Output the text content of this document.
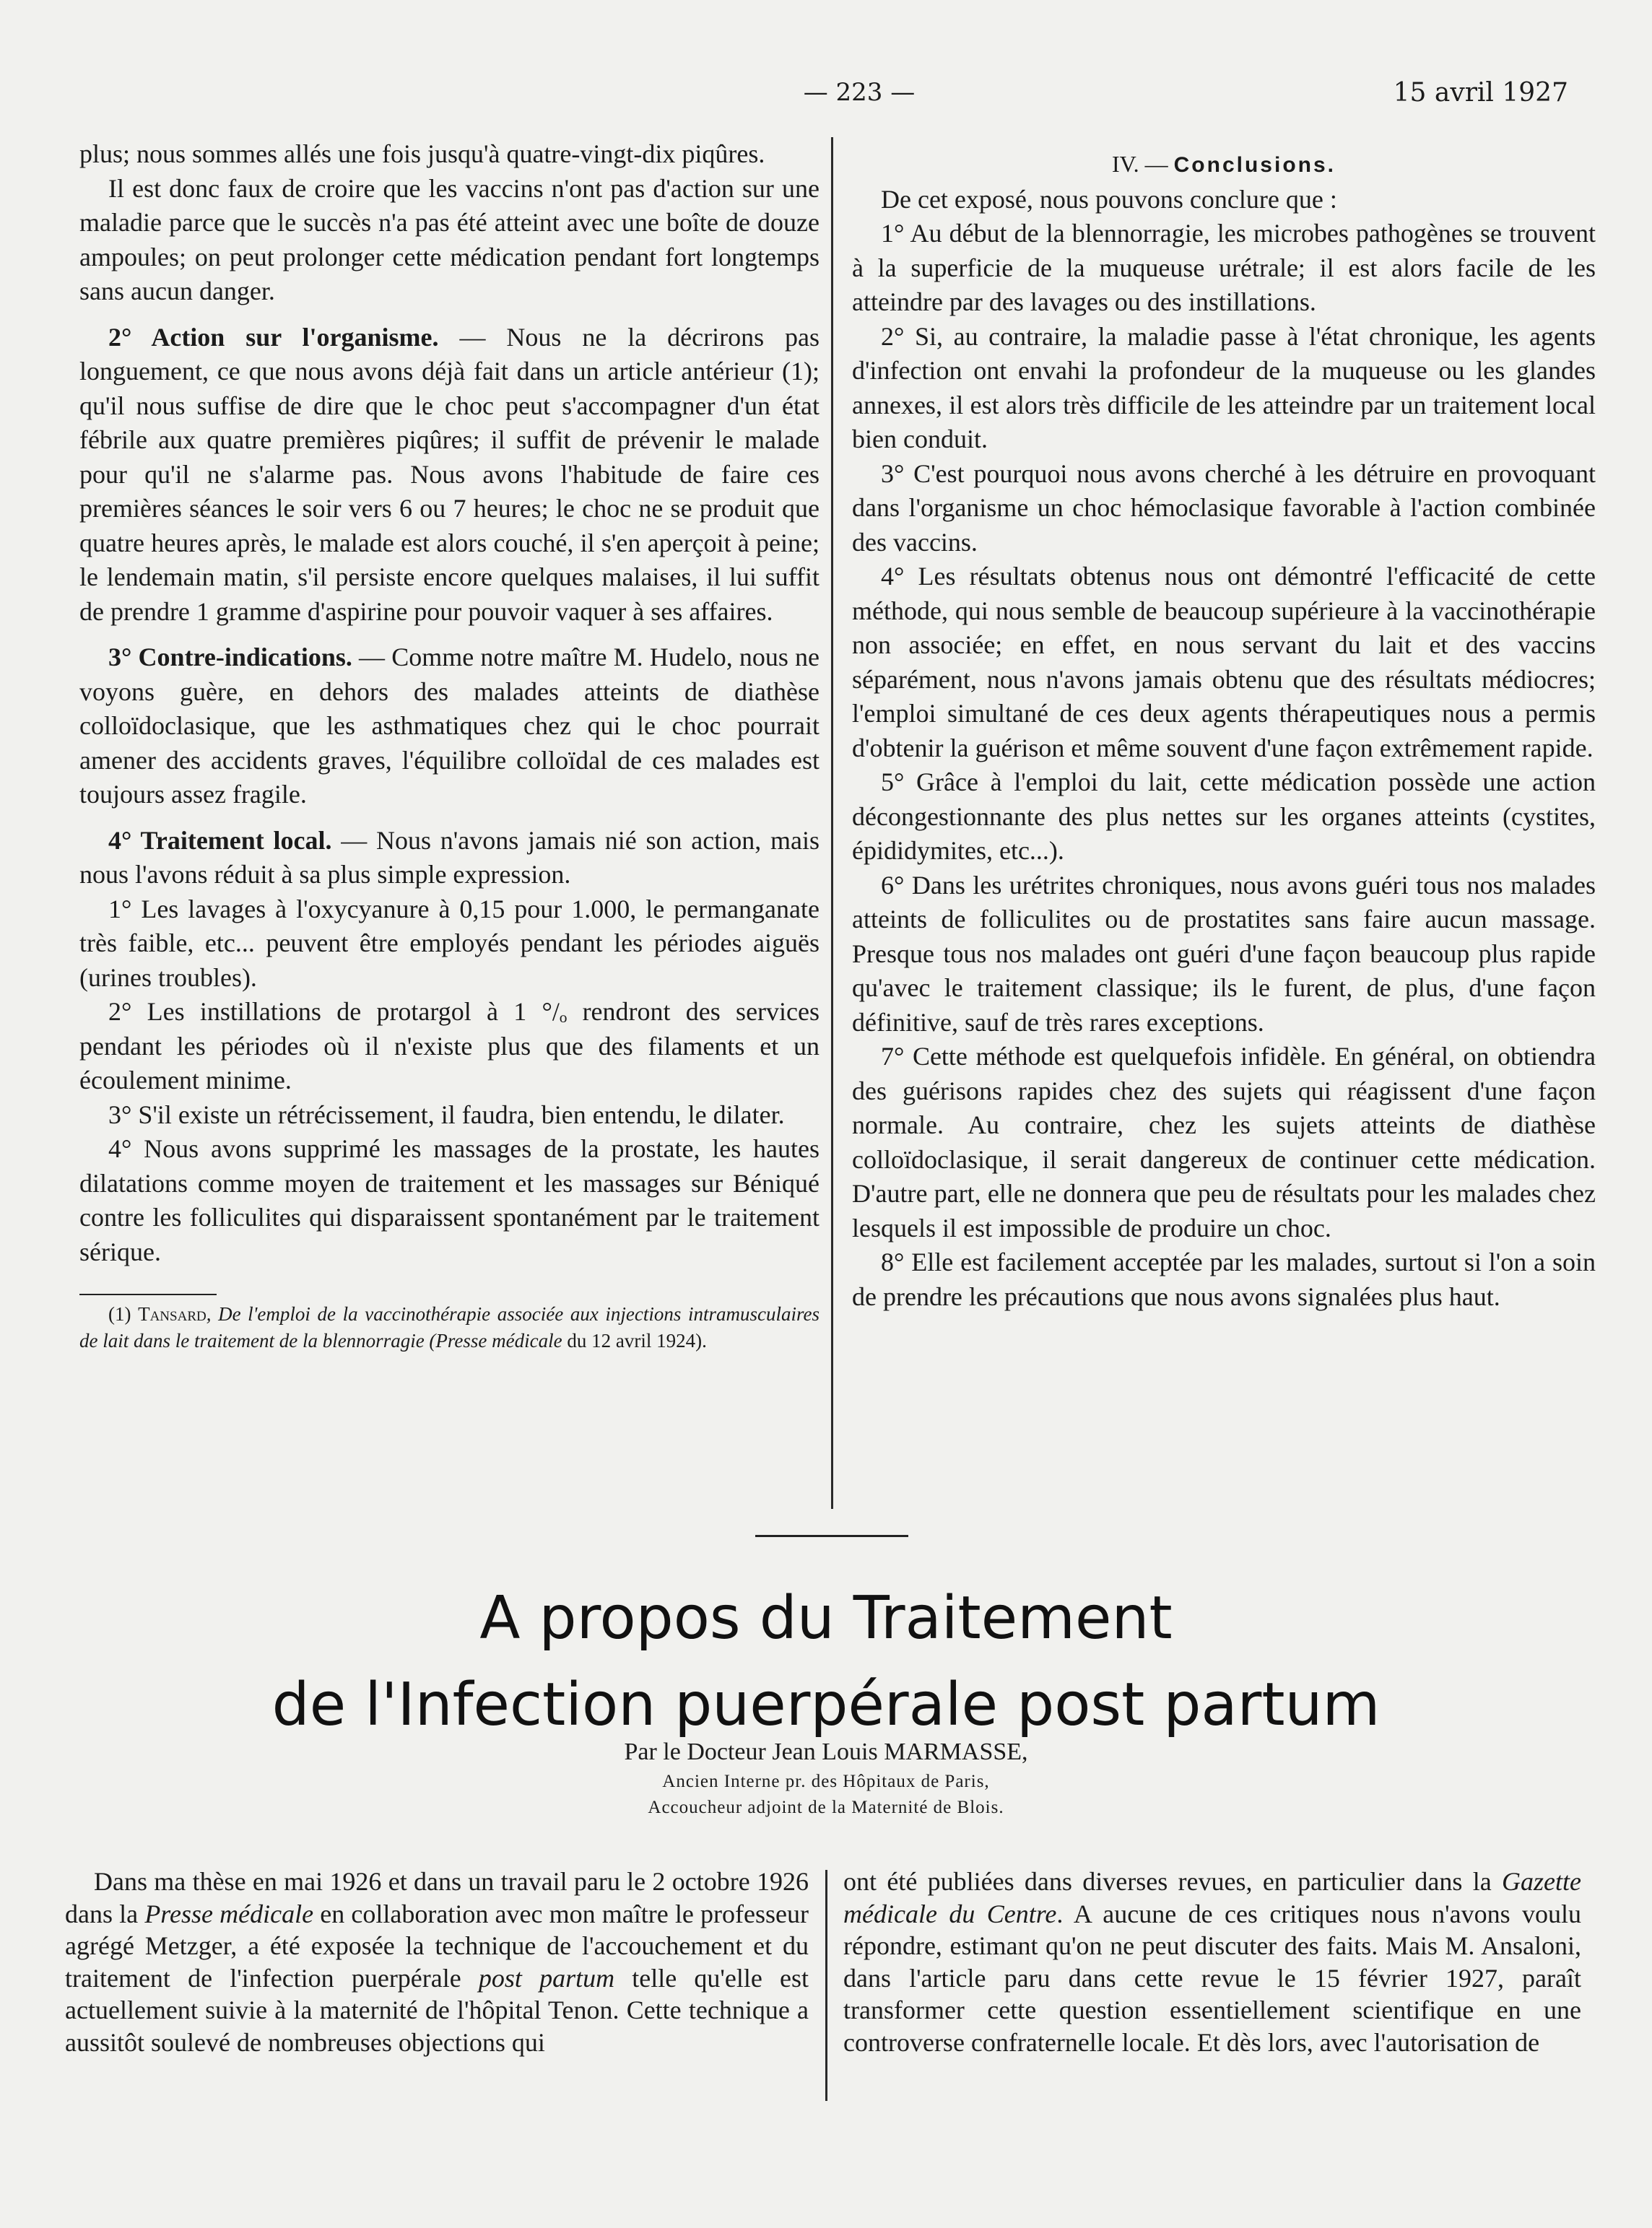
— 223 —	15 avril 1927

plus; nous sommes allés une fois jusqu'à quatre-vingt-dix piqûres.

Il est donc faux de croire que les vaccins n'ont pas d'action sur une maladie parce que le succès n'a pas été atteint avec une boîte de douze ampoules; on peut prolonger cette médication pendant fort longtemps sans aucun danger.

2° Action sur l'organisme. — Nous ne la décrirons pas longuement, ce que nous avons déjà fait dans un article antérieur (1); qu'il nous suffise de dire que le choc peut s'accompagner d'un état fébrile aux quatre premières piqûres; il suffit de prévenir le malade pour qu'il ne s'alarme pas. Nous avons l'habitude de faire ces premières séances le soir vers 6 ou 7 heures; le choc ne se produit que quatre heures après, le malade est alors couché, il s'en aperçoit à peine; le lendemain matin, s'il persiste encore quelques malaises, il lui suffit de prendre 1 gramme d'aspirine pour pouvoir vaquer à ses affaires.

3° Contre-indications. — Comme notre maître M. Hudelo, nous ne voyons guère, en dehors des malades atteints de diathèse colloïdoclasique, que les asthmatiques chez qui le choc pourrait amener des accidents graves, l'équilibre colloïdal de ces malades est toujours assez fragile.

4° Traitement local. — Nous n'avons jamais nié son action, mais nous l'avons réduit à sa plus simple expression.

1° Les lavages à l'oxycyanure à 0,15 pour 1.000, le permanganate très faible, etc... peuvent être employés pendant les périodes aiguës (urines troubles).

2° Les instillations de protargol à 1 °/ₒ rendront des services pendant les périodes où il n'existe plus que des filaments et un écoulement minime.

3° S'il existe un rétrécissement, il faudra, bien entendu, le dilater.

4° Nous avons supprimé les massages de la prostate, les hautes dilatations comme moyen de traitement et les massages sur Béniqué contre les folliculites qui disparaissent spontanément par le traitement sérique.

(1) Tansard, De l'emploi de la vaccinothérapie associée aux injections intramusculaires de lait dans le traitement de la blennorragie (Presse médicale du 12 avril 1924).

IV. — Conclusions.

De cet exposé, nous pouvons conclure que :

1° Au début de la blennorragie, les microbes pathogènes se trouvent à la superficie de la muqueuse urétrale; il est alors facile de les atteindre par des lavages ou des instillations.

2° Si, au contraire, la maladie passe à l'état chronique, les agents d'infection ont envahi la profondeur de la muqueuse ou les glandes annexes, il est alors très difficile de les atteindre par un traitement local bien conduit.

3° C'est pourquoi nous avons cherché à les détruire en provoquant dans l'organisme un choc hémoclasique favorable à l'action combinée des vaccins.

4° Les résultats obtenus nous ont démontré l'efficacité de cette méthode, qui nous semble de beaucoup supérieure à la vaccinothérapie non associée; en effet, en nous servant du lait et des vaccins séparément, nous n'avons jamais obtenu que des résultats médiocres; l'emploi simultané de ces deux agents thérapeutiques nous a permis d'obtenir la guérison et même souvent d'une façon extrêmement rapide.

5° Grâce à l'emploi du lait, cette médication possède une action décongestionnante des plus nettes sur les organes atteints (cystites, épididymites, etc...).

6° Dans les urétrites chroniques, nous avons guéri tous nos malades atteints de folliculites ou de prostatites sans faire aucun massage. Presque tous nos malades ont guéri d'une façon beaucoup plus rapide qu'avec le traitement classique; ils le furent, de plus, d'une façon définitive, sauf de très rares exceptions.

7° Cette méthode est quelquefois infidèle. En général, on obtiendra des guérisons rapides chez des sujets qui réagissent d'une façon normale. Au contraire, chez les sujets atteints de diathèse colloïdoclasique, il serait dangereux de continuer cette médication. D'autre part, elle ne donnera que peu de résultats pour les malades chez lesquels il est impossible de produire un choc.

8° Elle est facilement acceptée par les malades, surtout si l'on a soin de prendre les précautions que nous avons signalées plus haut.

A propos du Traitement
de l'Infection puerpérale post partum
Par le Docteur Jean Louis MARMASSE,
Ancien Interne pr. des Hôpitaux de Paris,
Accoucheur adjoint de la Maternité de Blois.

Dans ma thèse en mai 1926 et dans un travail paru le 2 octobre 1926 dans la Presse médicale en collaboration avec mon maître le professeur agrégé Metzger, a été exposée la technique de l'accouchement et du traitement de l'infection puerpérale post partum telle qu'elle est actuellement suivie à la maternité de l'hôpital Tenon. Cette technique a aussitôt soulevé de nombreuses objections qui

ont été publiées dans diverses revues, en particulier dans la Gazette médicale du Centre. A aucune de ces critiques nous n'avons voulu répondre, estimant qu'on ne peut discuter des faits. Mais M. Ansaloni, dans l'article paru dans cette revue le 15 février 1927, paraît transformer cette question essentiellement scientifique en une controverse confraternelle locale. Et dès lors, avec l'autorisation de
